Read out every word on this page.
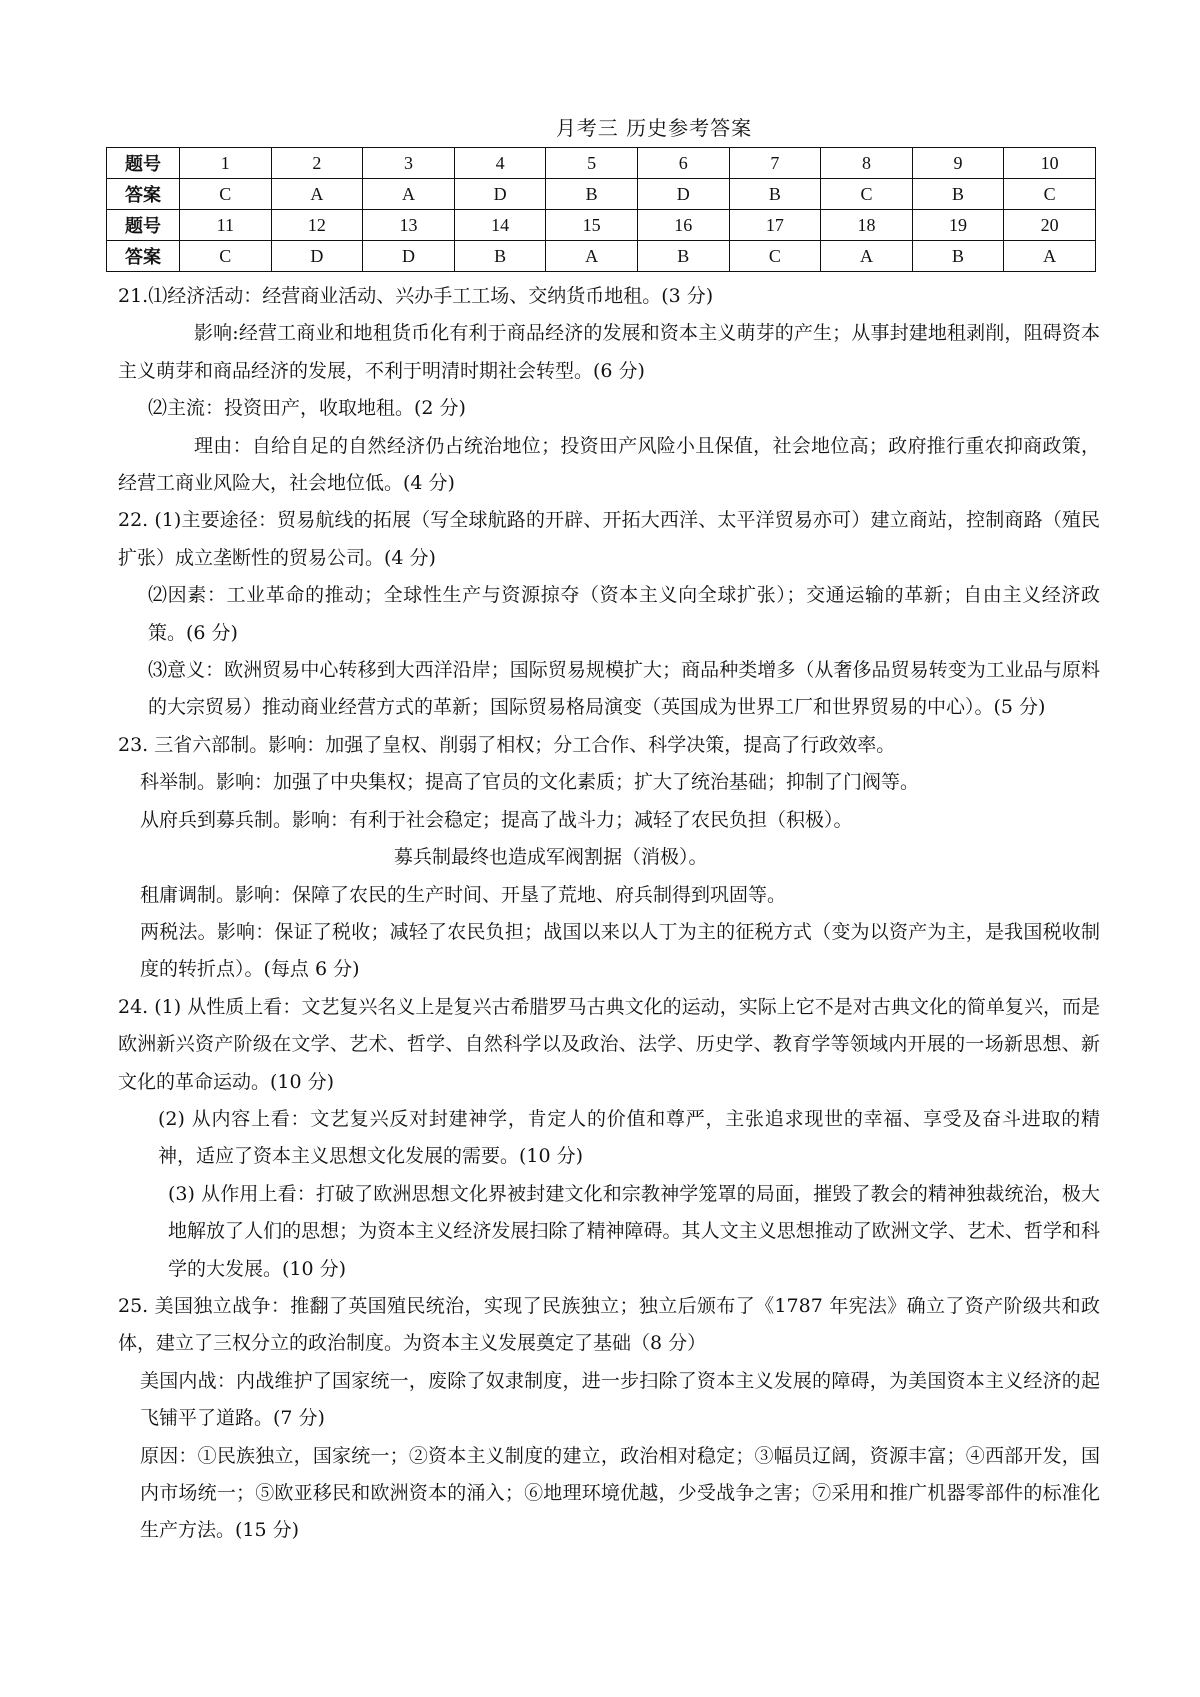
月考三 历史参考答案
题号	1	2	3	4	5	6	7	8	9	10
答案	C	A	A	D	B	D	B	C	B	C
题号	11	12	13	14	15	16	17	18	19	20
答案	C	D	D	B	A	B	C	A	B	A

21.⑴经济活动：经营商业活动、兴办手工工场、交纳货币地租。(3 分)

影响:经营工商业和地租货币化有利于商品经济的发展和资本主义萌芽的产生；从事封建地租剥削，阻碍资本主义萌芽和商品经济的发展，不利于明清时期社会转型。(6 分)

⑵主流：投资田产，收取地租。(2 分)

理由：自给自足的自然经济仍占统治地位；投资田产风险小且保值，社会地位高；政府推行重农抑商政策，经营工商业风险大，社会地位低。(4 分)

22. (1)主要途径：贸易航线的拓展（写全球航路的开辟、开拓大西洋、太平洋贸易亦可）建立商站，控制商路（殖民扩张）成立垄断性的贸易公司。(4 分)

⑵因素：工业革命的推动；全球性生产与资源掠夺（资本主义向全球扩张）；交通运输的革新；自由主义经济政策。(6 分)

⑶意义：欧洲贸易中心转移到大西洋沿岸；国际贸易规模扩大；商品种类增多（从奢侈品贸易转变为工业品与原料的大宗贸易）推动商业经营方式的革新；国际贸易格局演变（英国成为世界工厂和世界贸易的中心）。(5 分)

23. 三省六部制。影响：加强了皇权、削弱了相权；分工合作、科学决策，提高了行政效率。

科举制。影响：加强了中央集权；提高了官员的文化素质；扩大了统治基础；抑制了门阀等。

从府兵到募兵制。影响：有利于社会稳定；提高了战斗力；减轻了农民负担（积极）。

募兵制最终也造成军阀割据（消极）。

租庸调制。影响：保障了农民的生产时间、开垦了荒地、府兵制得到巩固等。

两税法。影响：保证了税收；减轻了农民负担；战国以来以人丁为主的征税方式（变为以资产为主，是我国税收制度的转折点）。(每点 6 分)

24. (1) 从性质上看：文艺复兴名义上是复兴古希腊罗马古典文化的运动，实际上它不是对古典文化的简单复兴，而是欧洲新兴资产阶级在文学、艺术、哲学、自然科学以及政治、法学、历史学、教育学等领域内开展的一场新思想、新文化的革命运动。(10 分)

(2) 从内容上看：文艺复兴反对封建神学，肯定人的价值和尊严，主张追求现世的幸福、享受及奋斗进取的精神，适应了资本主义思想文化发展的需要。(10 分)

(3) 从作用上看：打破了欧洲思想文化界被封建文化和宗教神学笼罩的局面，摧毁了教会的精神独裁统治，极大地解放了人们的思想；为资本主义经济发展扫除了精神障碍。其人文主义思想推动了欧洲文学、艺术、哲学和科学的大发展。(10 分)

25. 美国独立战争：推翻了英国殖民统治，实现了民族独立；独立后颁布了《1787 年宪法》确立了资产阶级共和政体，建立了三权分立的政治制度。为资本主义发展奠定了基础（8 分）

美国内战：内战维护了国家统一，废除了奴隶制度，进一步扫除了资本主义发展的障碍，为美国资本主义经济的起飞铺平了道路。(7 分)

原因：①民族独立，国家统一；②资本主义制度的建立，政治相对稳定；③幅员辽阔，资源丰富；④西部开发，国内市场统一；⑤欧亚移民和欧洲资本的涌入；⑥地理环境优越，少受战争之害；⑦采用和推广机器零部件的标准化生产方法。(15 分)
